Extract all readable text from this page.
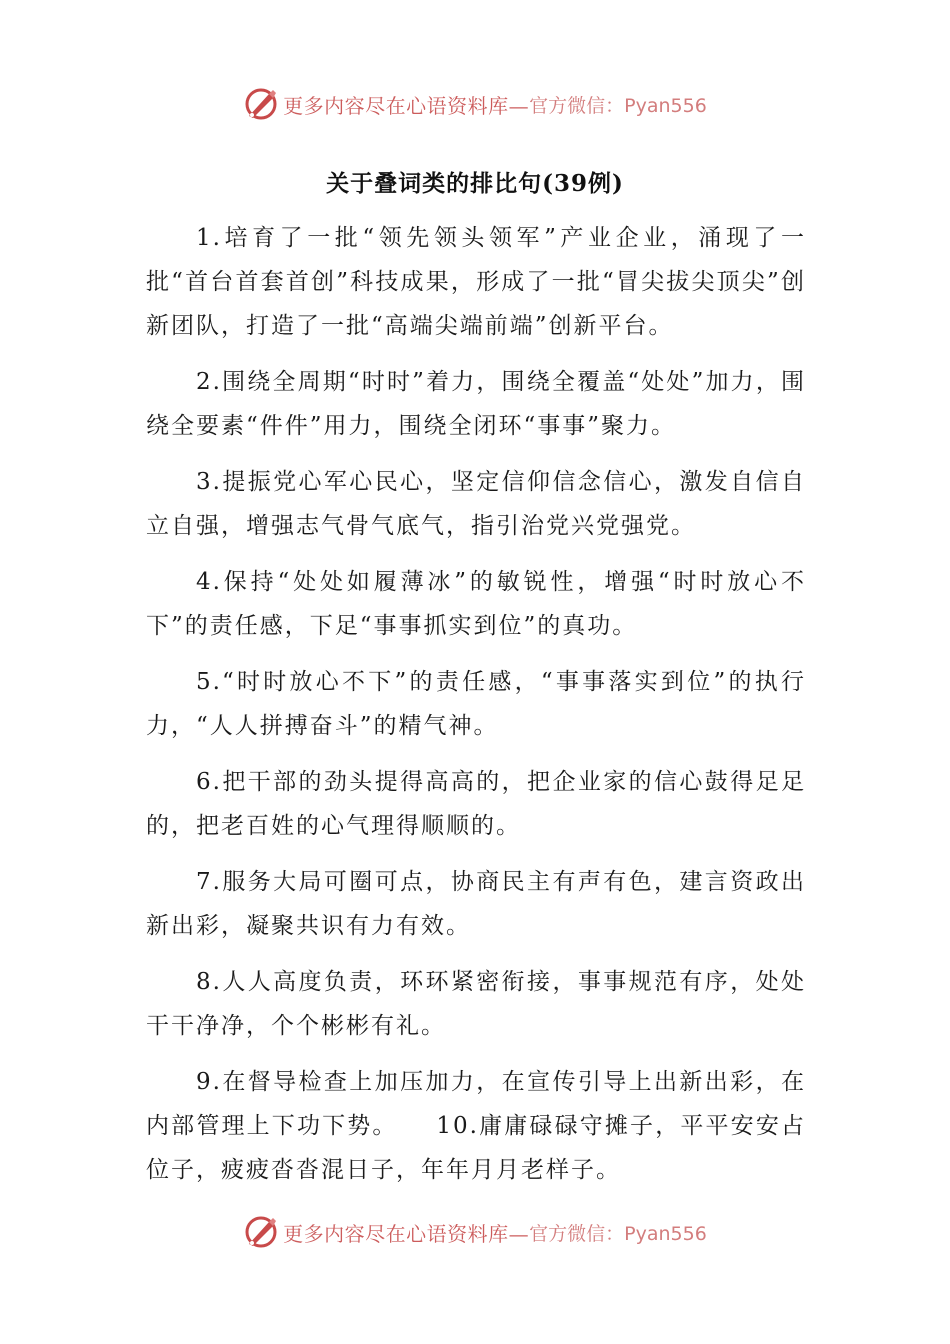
更多内容尽在心语资料库— 官方微信：Pyan556
关于叠词类的排比句(39例)

1.培育了一批“领先领头领军”产业企业，涌现了一批“首台首套首创”科技成果，形成了一批“冒尖拔尖顶尖”创新团队，打造了一批“高端尖端前端”创新平台。

2.围绕全周期“时时”着力，围绕全覆盖“处处”加力，围绕全要素“件件”用力，围绕全闭环“事事”聚力。

3.提振党心军心民心，坚定信仰信念信心，激发自信自立自强，增强志气骨气底气，指引治党兴党强党。

4.保持“处处如履薄冰”的敏锐性，增强“时时放心不下”的责任感，下足“事事抓实到位”的真功。

5.“时时放心不下”的责任感，“事事落实到位”的执行力，“人人拼搏奋斗”的精气神。

6.把干部的劲头提得高高的，把企业家的信心鼓得足足的，把老百姓的心气理得顺顺的。

7.服务大局可圈可点，协商民主有声有色，建言资政出新出彩，凝聚共识有力有效。

8.人人高度负责，环环紧密衔接，事事规范有序，处处干干净净，个个彬彬有礼。

9.在督导检查上加压加力，在宣传引导上出新出彩，在内部管理上下功下势。　　10.庸庸碌碌守摊子，平平安安占位子，疲疲沓沓混日子，年年月月老样子。

更多内容尽在心语资料库— 官方微信：Pyan556
